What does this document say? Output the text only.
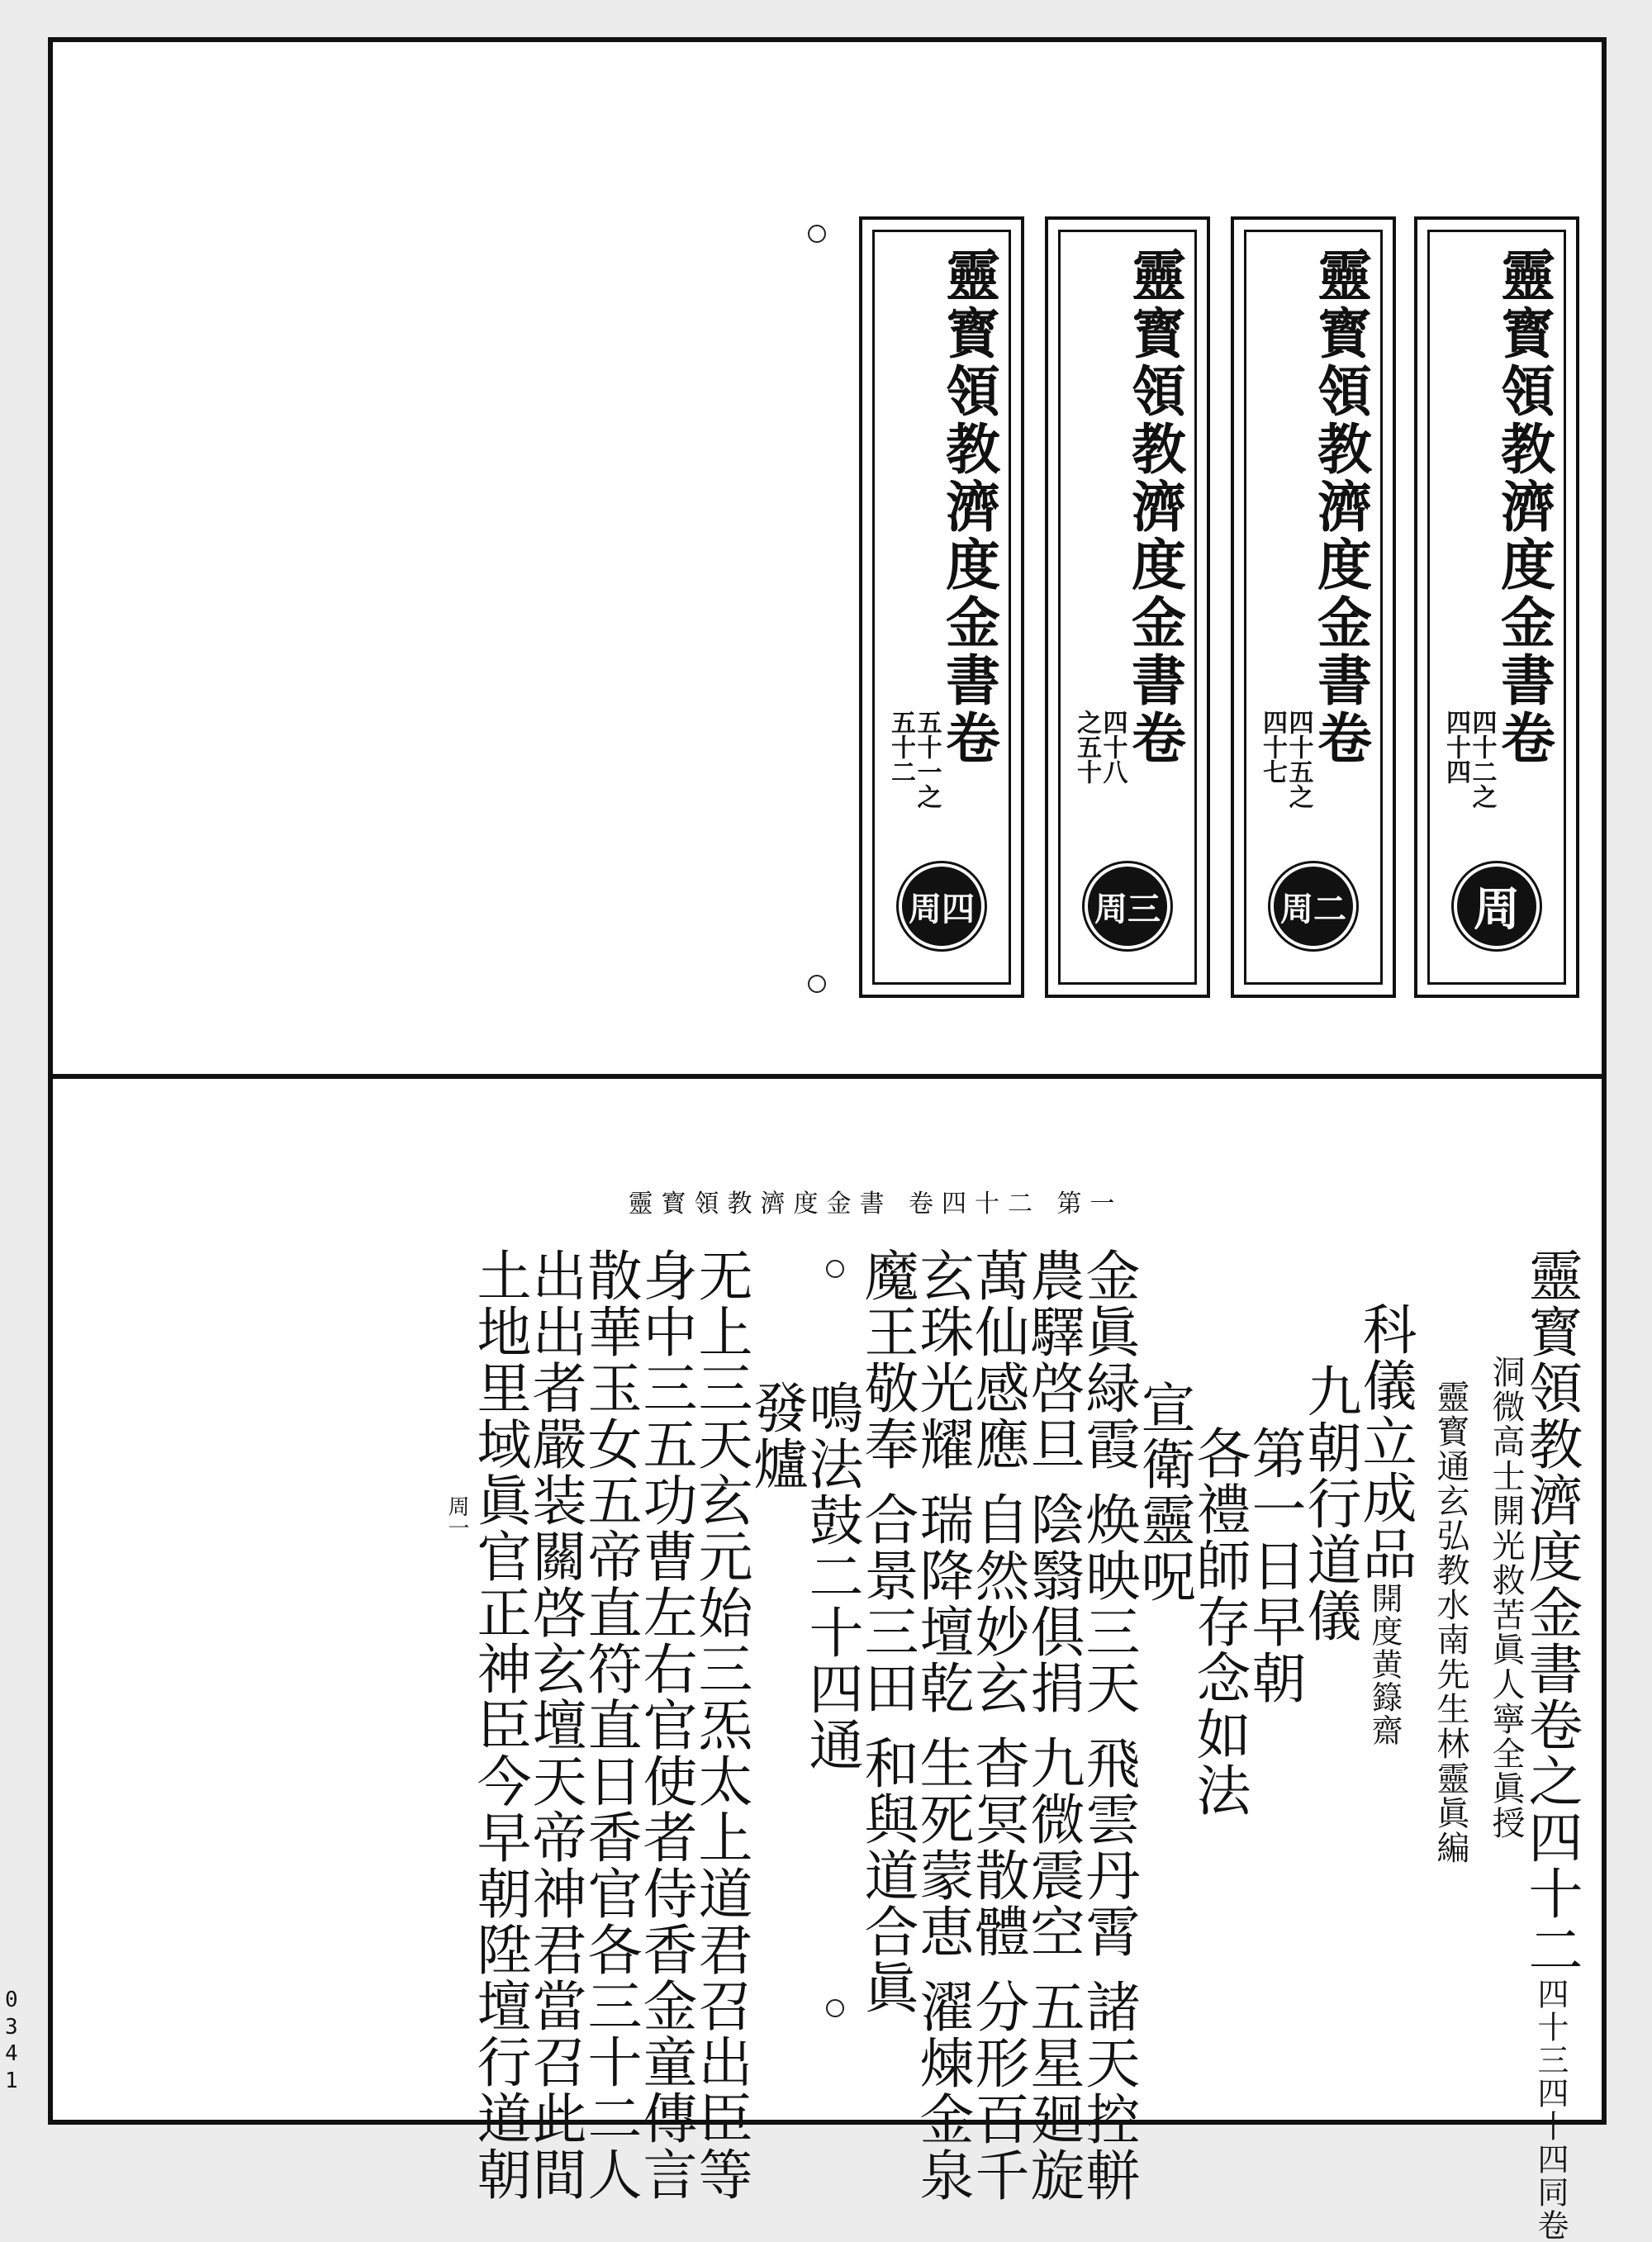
靈寳領教濟度金書卷
四十二之
四十四
周
靈寳領教濟度金書卷
四十五之
四十七
周二
靈寳領教濟度金書卷
四十八
之五十
周三
靈寳領教濟度金書卷
五十一之
五十二
周四
靈寳領教濟度金書 卷四十二 第一
靈寳領教濟度金書卷之四十二四十三四十四同卷
洞微高士開光救苦眞人寧全眞授
靈寳通玄弘教水南先生林靈眞編
科儀立成品開度黄籙齋
九朝行道儀
第一日早朝
各禮師存念如法
宣衛靈呪
金眞緑霞 焕映三天 飛雲丹霄 諸天控軿
農驛啓旦 陰翳俱捐 九微震空 五星廻旋
萬仙感應 自然妙玄 杳冥散體 分形百千
玄珠光耀 瑞降壇乾 生死蒙恵 濯煉金泉
魔王敬奉 合景三田 和與道合眞
鳴法鼓二十四通
發爐
无上三天玄元始三炁太上道君召出臣等
身中三五功曹左右官使者侍香金童傳言
散華玉女五帝直符直日香官各三十二人
出出者嚴装關啓玄壇天帝神君當召此間
土地里域眞官正神臣今早朝陞壇行道朝
周一
0341
